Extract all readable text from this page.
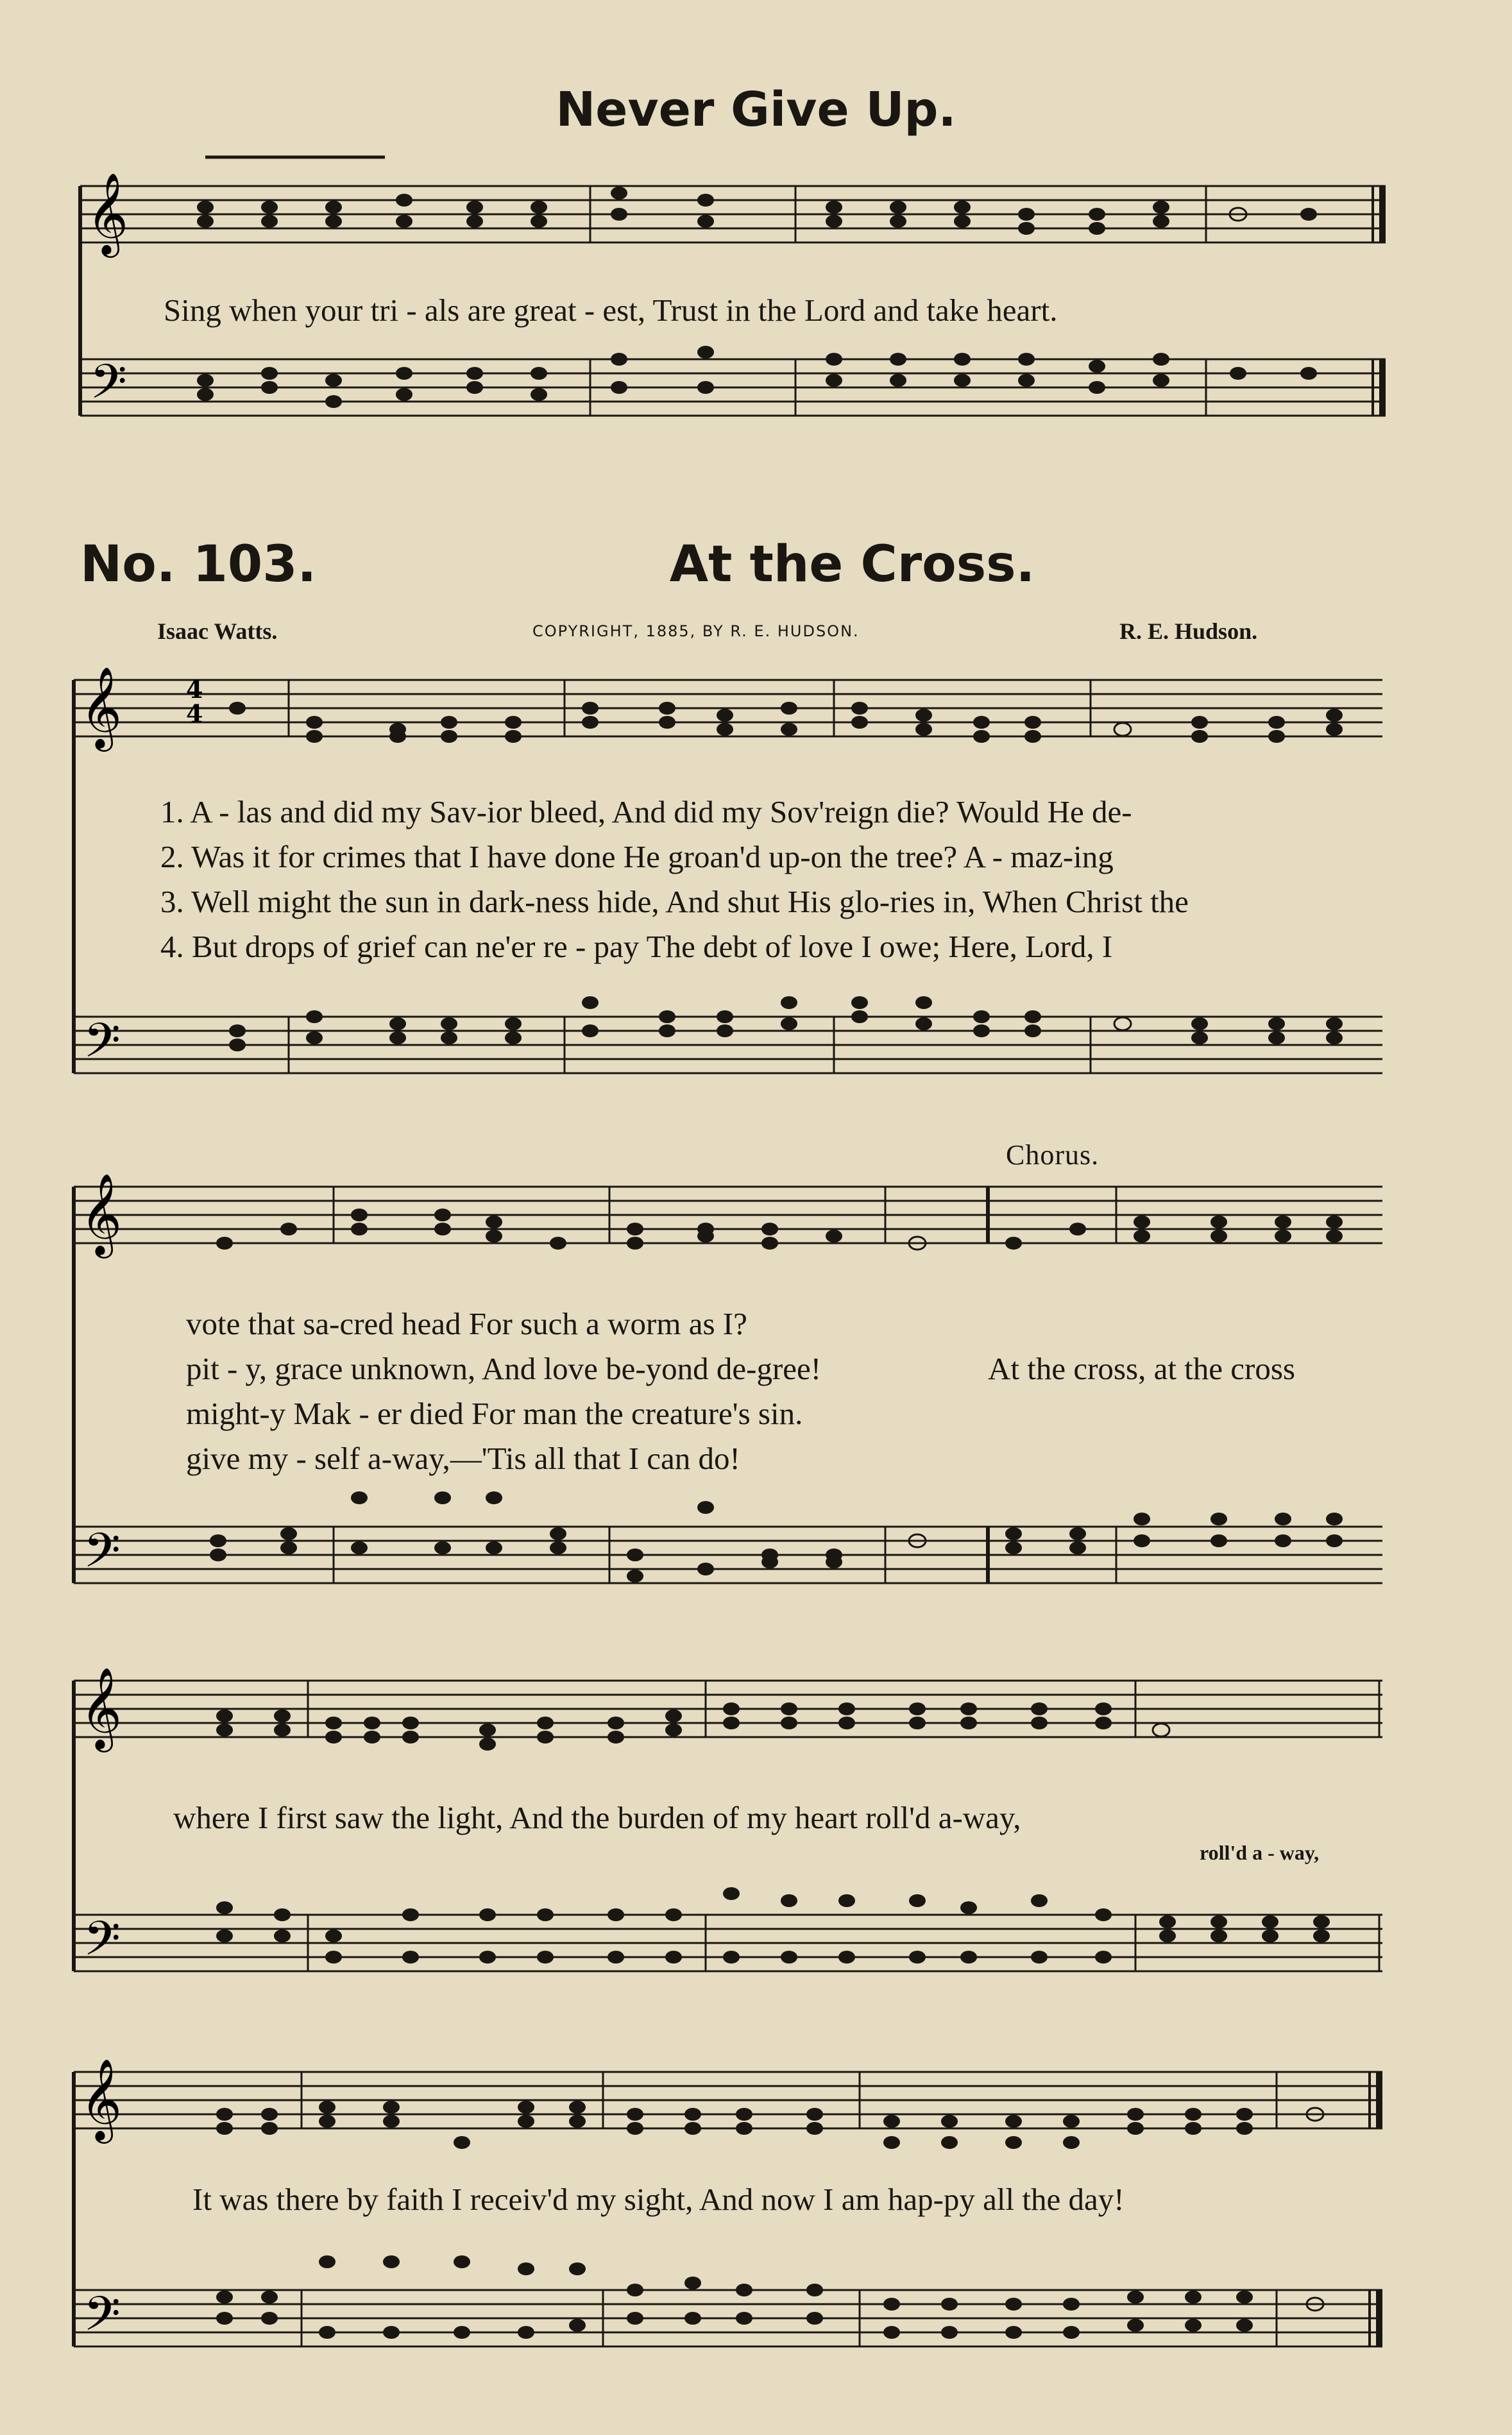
Never Give Up.
𝄞
𝄢
Sing when your tri - als are great - est, Trust in the Lord and take heart.
No. 103.	At the Cross.
Isaac Watts.	COPYRIGHT, 1885, BY R. E. HUDSON.	R. E. Hudson.
𝄞
𝄢
4
4
1. A - las and did my Sav-ior bleed, And did my Sov'reign die? Would He de-
2. Was it for crimes that I have done He groan'd up-on the tree? A - maz-ing
3. Well might the sun in dark-ness hide, And shut His glo-ries in, When Christ the
4. But drops of grief can ne'er re - pay The debt of love I owe; Here, Lord, I
𝄞
𝄢
Chorus.
vote that sa-cred head For such a worm as I?
pit - y, grace unknown, And love be-yond de-gree!	At the cross, at the cross
might-y Mak - er died For man the creature's sin.
give my - self a-way,—'Tis all that I can do!
𝄞
𝄢
where I first saw the light, And the burden of my heart roll'd a-way,
roll'd a - way,
𝄞
𝄢
It was there by faith I receiv'd my sight, And now I am hap-py all the day!
